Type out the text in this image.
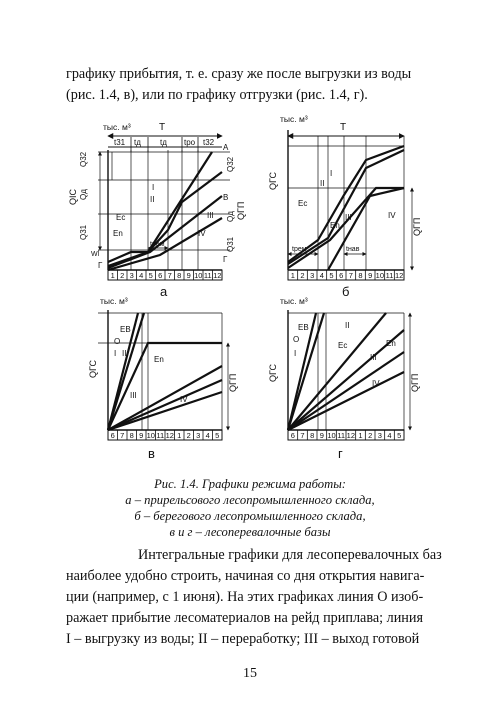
графику прибытия, т. е. сразу же после выгрузки из воды
(рис. 1.4, в), или по графику отгрузки (рис. 1.4, г).
тыс. м³	T
t31 tд tд tро t32
Q32
Qд
QIC
Q31
Wl
Г
A
Q32
B
Qд QГП
Q31
Г
I
II
III
IV
Ec
En
tрем
1 2 3 4 5 6 7 8 9 10 11 12
а
тыс. м³
T
QГС
QГП
I
II
III	IV
Ec
En
tрем	tнав
1 2 3 4 5 6 7 8 9 10 11 12
б
тыс. м³
QГС
QГП
EB
O
I II
III	IV
En
6 7 8 9 10 11 12 1 2 3 4 5
в
тыс. м³
QГС
QГП
EB
O
I
II
Ec
III
En
IV
6 7 8 9 10 11 12 1 2 3 4 5
г
Рис. 1.4. Графики режима работы:
а – прирельсового лесопромышленного склада,
б – берегового лесопромышленного склада,
в и г – лесоперевалочные базы
Интегральные графики для лесоперевалочных баз
наиболее удобно строить, начиная со дня открытия навига-
ции (например, с 1 июня). На этих графиках линия O изоб-
ражает прибытие лесоматериалов на рейд приплава; линия
I – выгрузку из воды; II – переработку; III – выход готовой
15
